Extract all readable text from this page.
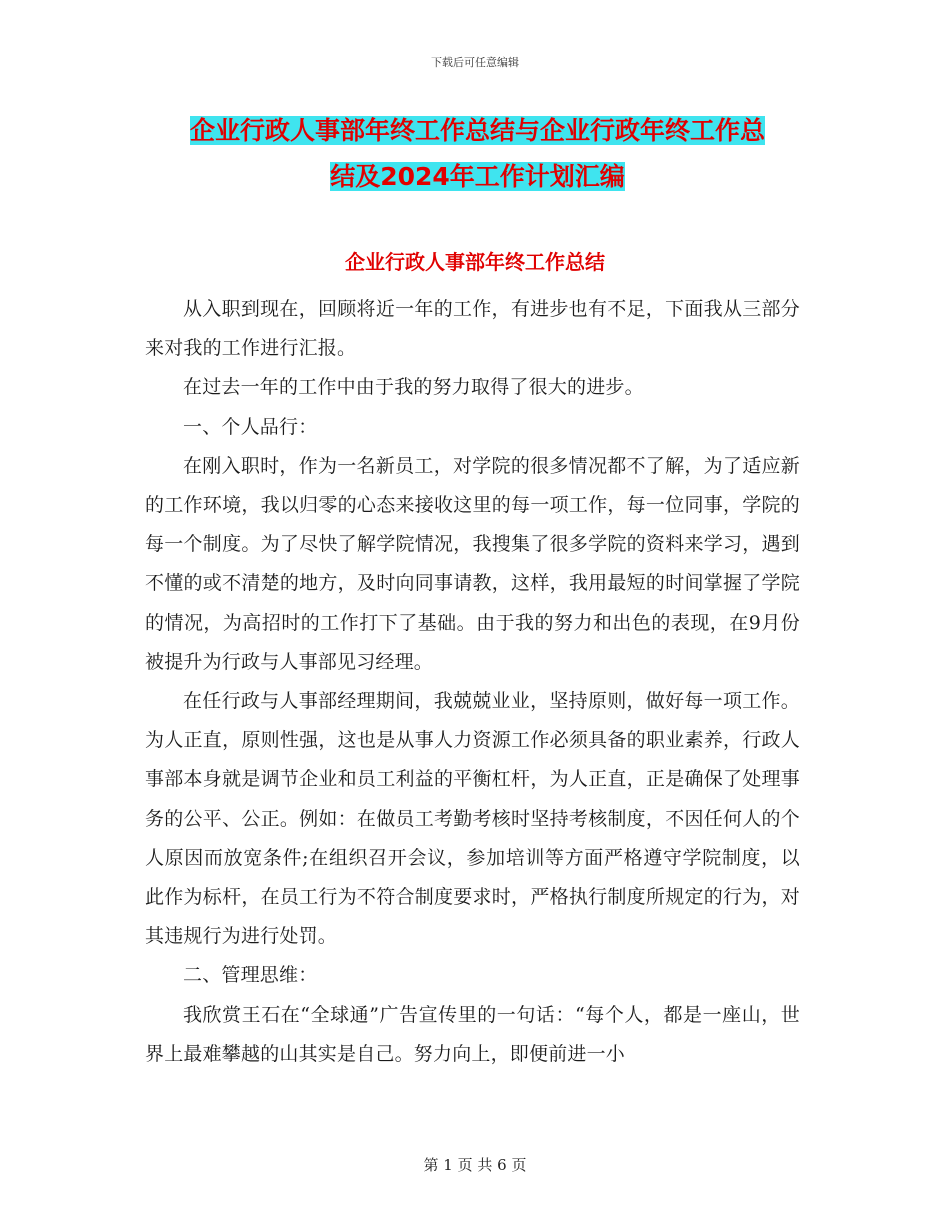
下载后可任意编辑
企业行政人事部年终工作总结与企业行政年终工作总
结及2024年工作计划汇编
企业行政人事部年终工作总结

从入职到现在，回顾将近一年的工作，有进步也有不足，下面我从三部分来对我的工作进行汇报。

在过去一年的工作中由于我的努力取得了很大的进步。

一、个人品行：

在刚入职时，作为一名新员工，对学院的很多情况都不了解，为了适应新的工作环境，我以归零的心态来接收这里的每一项工作，每一位同事，学院的每一个制度。为了尽快了解学院情况，我搜集了很多学院的资料来学习，遇到不懂的或不清楚的地方，及时向同事请教，这样，我用最短的时间掌握了学院的情况，为高招时的工作打下了基础。由于我的努力和出色的表现，在9月份被提升为行政与人事部见习经理。

在任行政与人事部经理期间，我兢兢业业，坚持原则，做好每一项工作。为人正直，原则性强，这也是从事人力资源工作必须具备的职业素养，行政人事部本身就是调节企业和员工利益的平衡杠杆，为人正直，正是确保了处理事务的公平、公正。例如：在做员工考勤考核时坚持考核制度，不因任何人的个人原因而放宽条件;在组织召开会议，参加培训等方面严格遵守学院制度，以此作为标杆，在员工行为不符合制度要求时，严格执行制度所规定的行为，对其违规行为进行处罚。

二、管理思维：

我欣赏王石在“全球通”广告宣传里的一句话：“每个人，都是一座山，世界上最难攀越的山其实是自己。努力向上，即便前进一小

第 1 页 共 6 页
